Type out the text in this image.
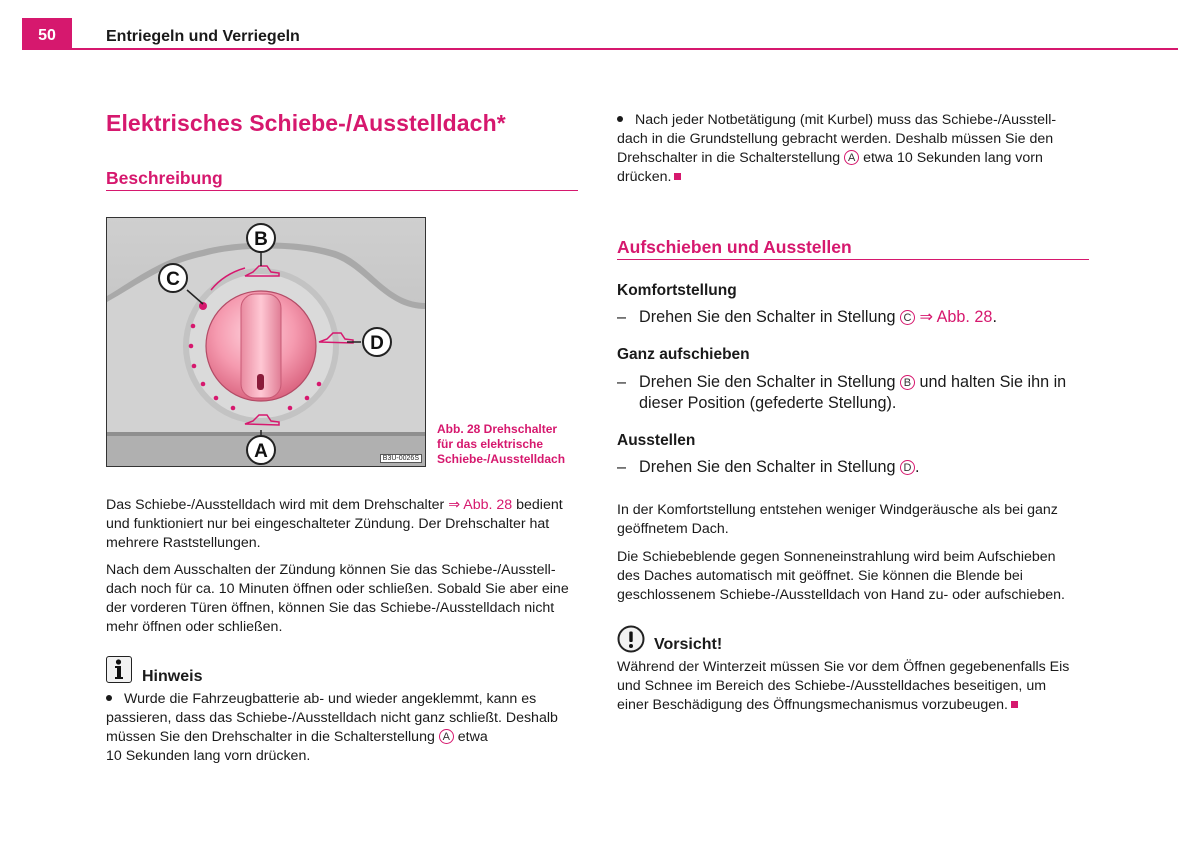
50	Entriegeln und Verriegeln
Elektrisches Schiebe-/Ausstelldach*
Beschreibung
B
C
D
A	B3U-0026S
Abb. 28 Drehschalter
für das elektrische
Schiebe-/Ausstelldach

Das Schiebe-/Ausstelldach wird mit dem Drehschalter ⇒ Abb. 28 bedient

und funktioniert nur bei eingeschalteter Zündung. Der Drehschalter hat

mehrere Raststellungen.

Nach dem Ausschalten der Zündung können Sie das Schiebe-/Ausstell-

dach noch für ca. 10 Minuten öffnen oder schließen. Sobald Sie aber eine

der vorderen Türen öffnen, können Sie das Schiebe-/Ausstelldach nicht

mehr öffnen oder schließen.

Hinweis

Wurde die Fahrzeugbatterie ab- und wieder angeklemmt, kann es

passieren, dass das Schiebe-/Ausstelldach nicht ganz schließt. Deshalb

müssen Sie den Drehschalter in die Schalterstellung A etwa

10 Sekunden lang vorn drücken.

Nach jeder Notbetätigung (mit Kurbel) muss das Schiebe-/Ausstell-

dach in die Grundstellung gebracht werden. Deshalb müssen Sie den

Drehschalter in die Schalterstellung A etwa 10 Sekunden lang vorn

drücken.

Aufschieben und Ausstellen
Komfortstellung
– Drehen Sie den Schalter in Stellung C ⇒ Abb. 28.
Ganz aufschieben
– Drehen Sie den Schalter in Stellung B und halten Sie ihn in
dieser Position (gefederte Stellung).
Ausstellen
– Drehen Sie den Schalter in Stellung D .

In der Komfortstellung entstehen weniger Windgeräusche als bei ganz

geöffnetem Dach.

Die Schiebeblende gegen Sonneneinstrahlung wird beim Aufschieben

des Daches automatisch mit geöffnet. Sie können die Blende bei

geschlossenem Schiebe-/Ausstelldach von Hand zu- oder aufschieben.

Vorsicht!

Während der Winterzeit müssen Sie vor dem Öffnen gegebenenfalls Eis

und Schnee im Bereich des Schiebe-/Ausstelldaches beseitigen, um

einer Beschädigung des Öffnungsmechanismus vorzubeugen.
